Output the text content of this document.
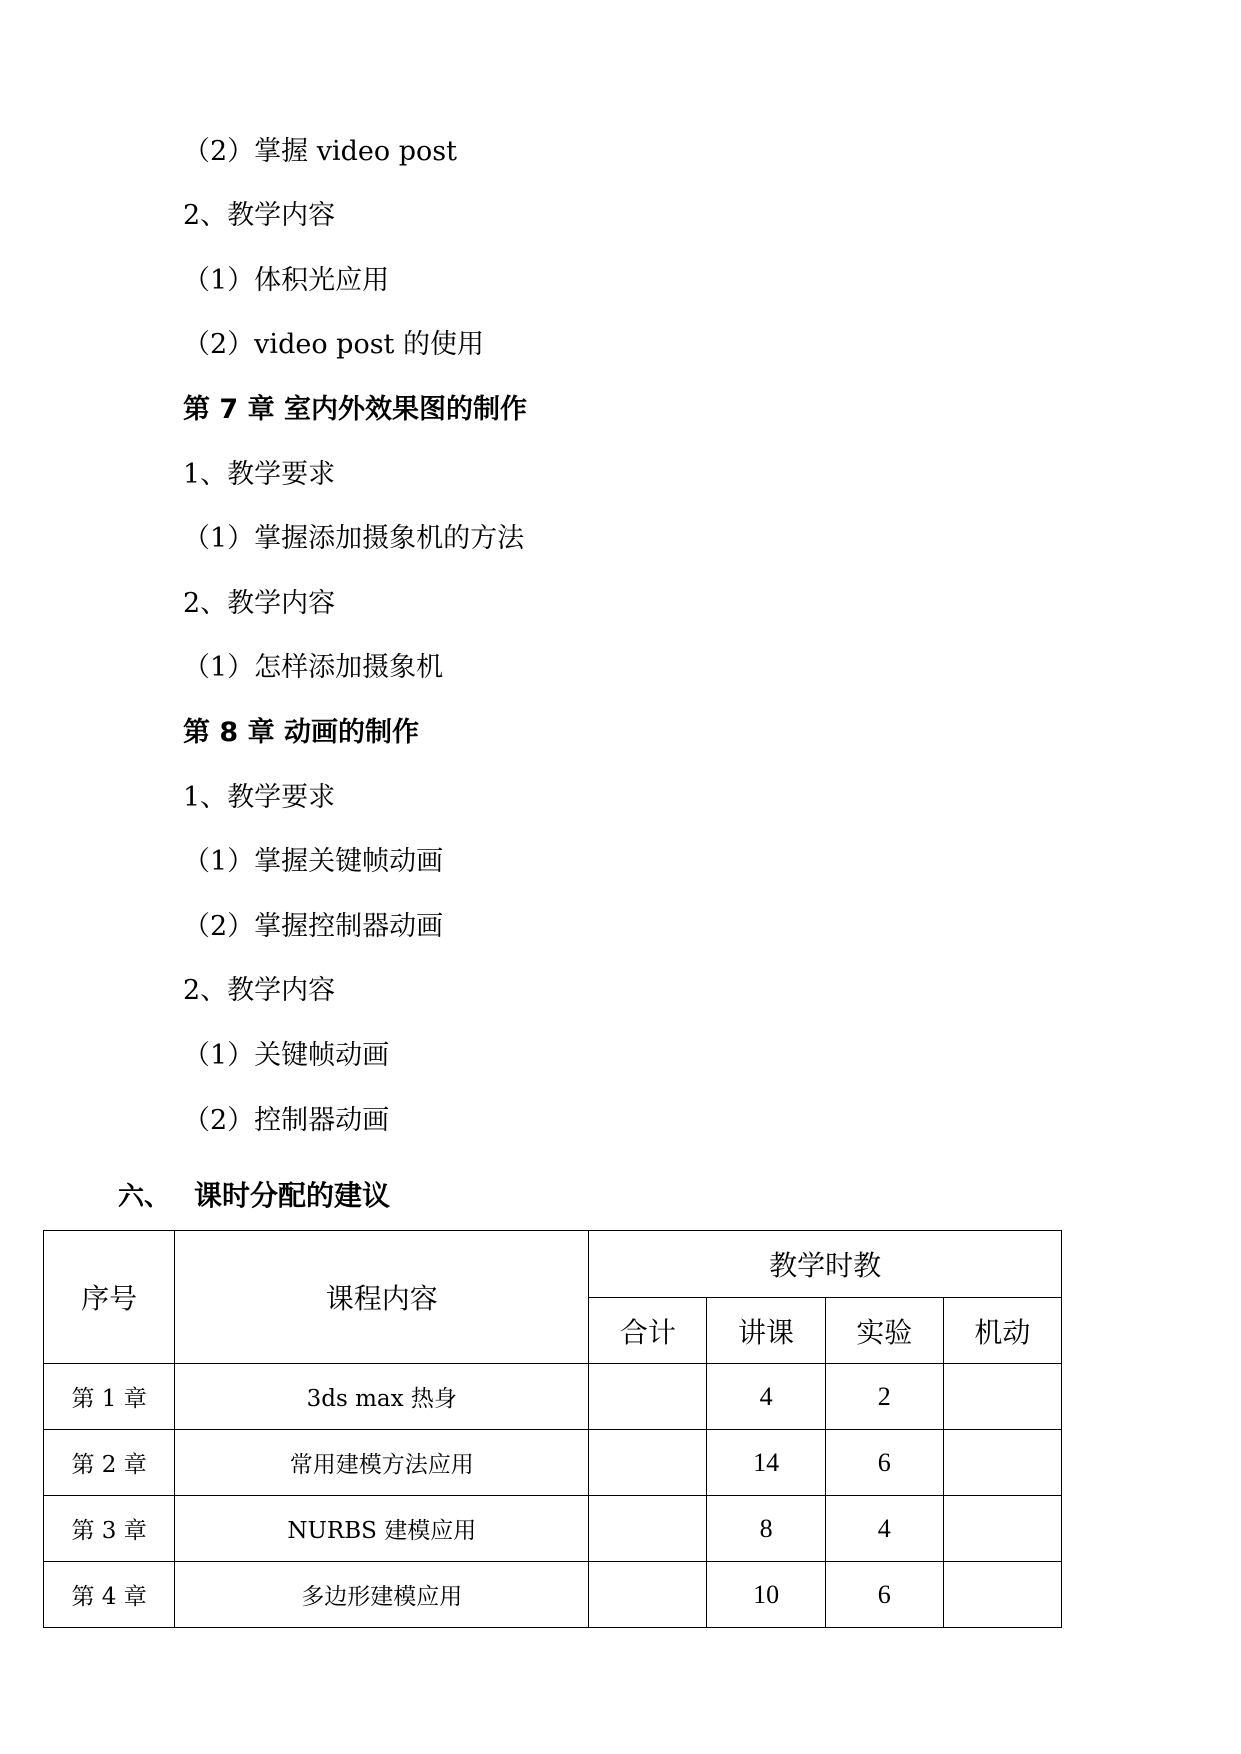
（2）掌握 video post
2、教学内容
（1）体积光应用
（2）video post 的使用
第 7 章 室内外效果图的制作
1、教学要求
（1）掌握添加摄象机的方法
2、教学内容
（1）怎样添加摄象机
第 8 章 动画的制作
1、教学要求
（1）掌握关键帧动画
（2）掌握控制器动画
2、教学内容
（1）关键帧动画
（2）控制器动画
六、 课时分配的建议
序号	课程内容	教学时教			
		合计	讲课	实验	机动
第 1 章	3ds max 热身		4	2	
第 2 章	常用建模方法应用		14	6	
第 3 章	NURBS 建模应用		8	4	
第 4 章	多边形建模应用		10	6	
